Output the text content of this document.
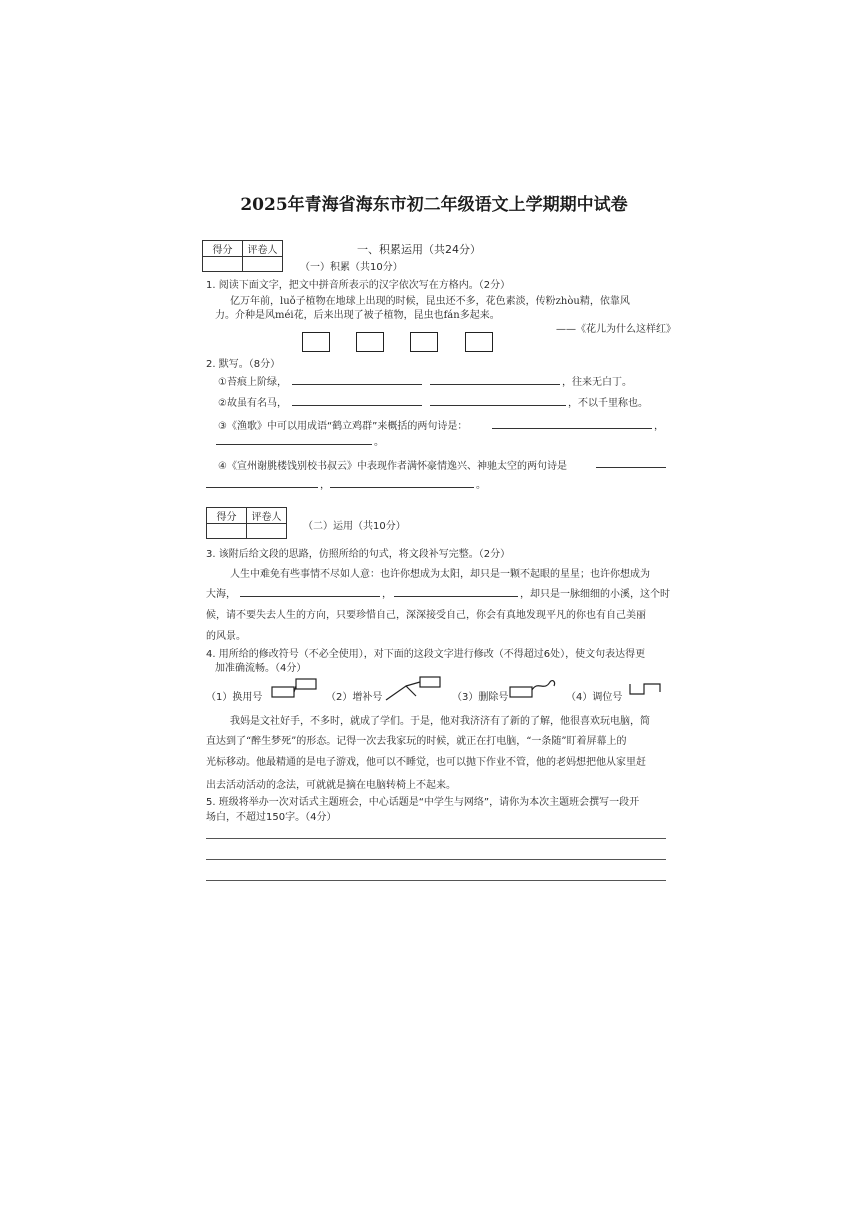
2025年青海省海东市初二年级语文上学期期中试卷
得分	评卷人
		一、积累运用（共24分）
（一）积累（共10分）
1. 阅读下面文字，把文中拼音所表示的汉字依次写在方格内。（2分）
亿万年前，luǒ子植物在地球上出现的时候，昆虫还不多，花色素淡，传粉zhòu精，依靠风
力。介种是风méi花，后来出现了被子植物，昆虫也fán多起来。
——《花儿为什么这样红》
2. 默写。（8分）
①苔痕上阶绿，	，往来无白丁。
②故虽有名马，	，不以千里称也。
③《渔歌》中可以用成语“鹤立鸡群”来概括的两句诗是：	，
。
④《宣州谢朓楼饯别校书叔云》中表现作者满怀豪情逸兴、神驰太空的两句诗是
，	。
得分	评卷人

（二）运用（共10分）
3. 该附后给文段的思路，仿照所给的句式，将文段补写完整。（2分）
人生中难免有些事情不尽如人意：也许你想成为太阳，却只是一颗不起眼的星星；也许你想成为
大海，	，	，却只是一脉细细的小溪，这个时
候，请不要失去人生的方向，只要珍惜自己，深深接受自己，你会有真地发现平凡的你也有自己美丽
的风景。
4. 用所给的修改符号（不必全使用），对下面的这段文字进行修改（不得超过6处），使文句表达得更
加准确流畅。（4分）
（1）换用号	（2）增补号	（3）删除号	（4）调位号
我妈是文社好手，不多时，就成了学们。于是，他对我济济有了新的了解，他很喜欢玩电脑，简
直达到了“醉生梦死”的形态。记得一次去我家玩的时候，就正在打电脑，“一条随”盯着屏幕上的
光标移动。他最精通的是电子游戏，他可以不睡觉，也可以抛下作业不管，他的老妈想把他从家里赶
出去活动活动的念法，可就就是摘在电脑转椅上不起来。
5. 班级将举办一次对话式主题班会，中心话题是“中学生与网络”，请你为本次主题班会撰写一段开
场白，不超过150字。（4分）
